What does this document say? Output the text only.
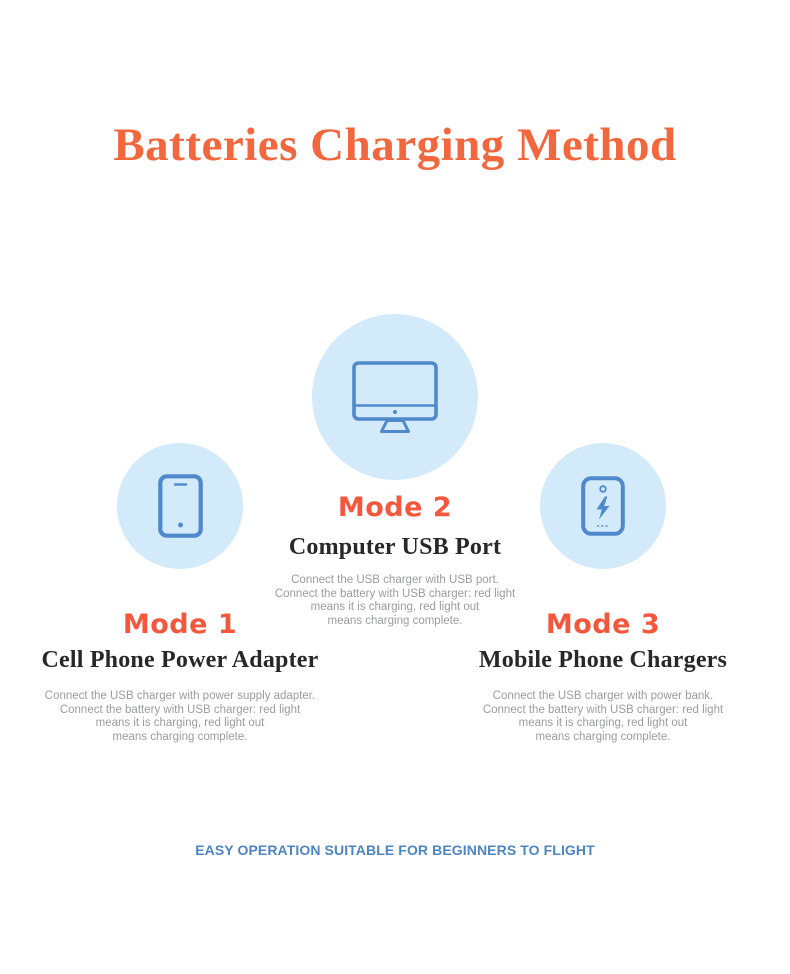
Batteries Charging Method
Mode 2
Computer USB Port

Connect the USB charger with USB port.
Connect the battery with USB charger: red light
means it is charging, red light out
means charging complete.

Mode 1
Cell Phone Power Adapter

Connect the USB charger with power supply adapter.
Connect the battery with USB charger: red light
means it is charging, red light out
means charging complete.

Mode 3
Mobile Phone Chargers

Connect the USB charger with power bank.
Connect the battery with USB charger: red light
means it is charging, red light out
means charging complete.

EASY OPERATION SUITABLE FOR BEGINNERS TO FLIGHT
